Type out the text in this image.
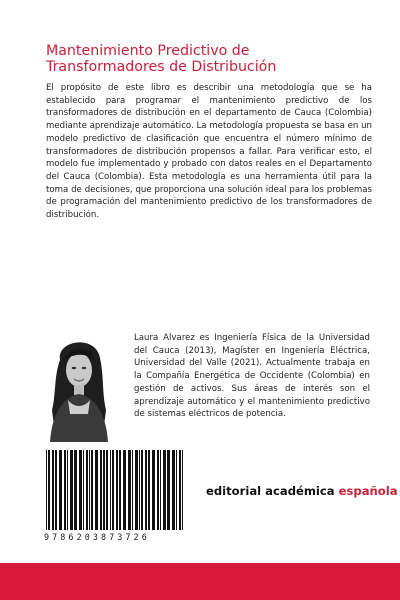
Mantenimiento Predictivo de
Transformadores de Distribución

El propósito de este libro es describir una metodología que se ha establecido para programar el mantenimiento predictivo de los transformadores de distribución en el departamento de Cauca (Colombia) mediante aprendizaje automático. La metodología propuesta se basa en un modelo predictivo de clasificación que encuentra el número mínimo de transformadores de distribución propensos a fallar. Para verificar esto, el modelo fue implementado y probado con datos reales en el Departamento del Cauca (Colombia). Esta metodología es una herramienta útil para la toma de decisiones, que proporciona una solución ideal para los problemas de programación del mantenimiento predictivo de los transformadores de distribución.

Laura Alvarez es Ingeniería Física de la Universidad del Cauca (2013), Magíster en Ingeniería Eléctrica, Universidad del Valle (2021). Actualmente trabaja en la Compañía Energética de Occidente (Colombia) en gestión de activos. Sus áreas de interés son el aprendizaje automático y el mantenimiento predictivo de sistemas eléctricos de potencia.

9786203873726
editorial académica española
